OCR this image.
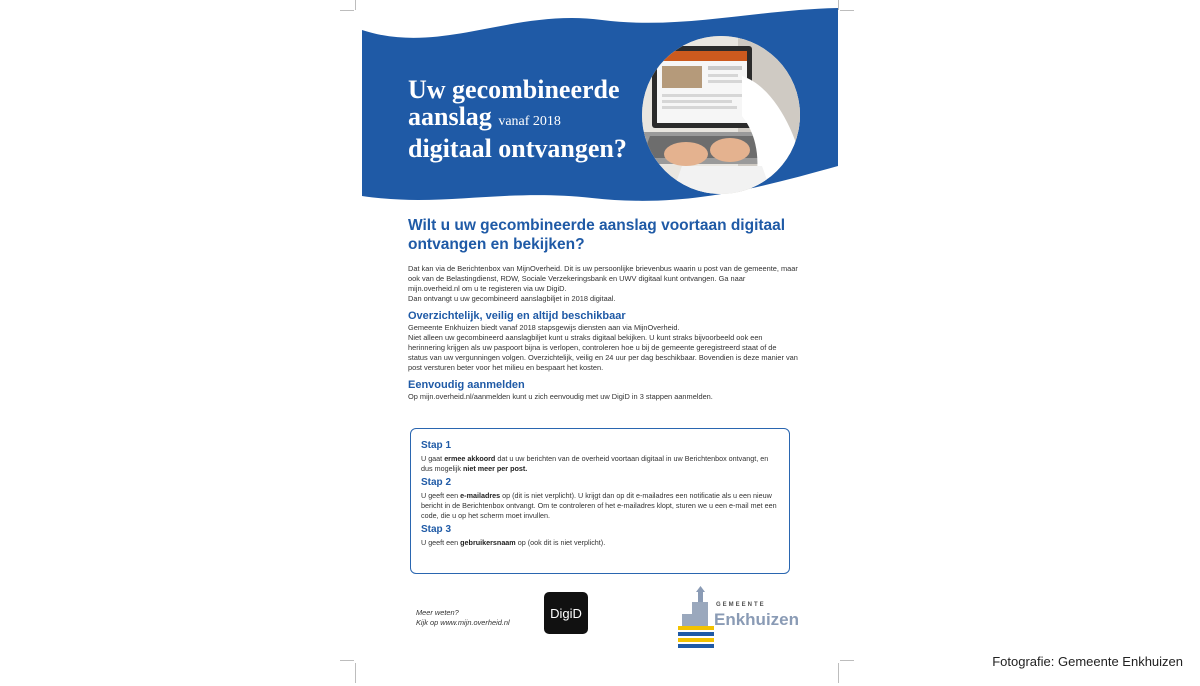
Uw gecombineerde
aanslag vanaf 2018
digitaal ontvangen?
Wilt u uw gecombineerde aanslag voortaan digitaal ontvangen en bekijken?
Dat kan via de Berichtenbox van MijnOverheid. Dit is uw persoonlijke brievenbus waarin u post van de gemeente, maar ook van de Belastingdienst, RDW, Sociale Verzekeringsbank en UWV digitaal kunt ontvangen. Ga naar mijn.overheid.nl om u te registeren via uw DigiD.
Dan ontvangt u uw gecombineerd aanslagbiljet in 2018 digitaal.
Overzichtelijk, veilig en altijd beschikbaar
Gemeente Enkhuizen biedt vanaf 2018 stapsgewijs diensten aan via MijnOverheid.
Niet alleen uw gecombineerd aanslagbiljet kunt u straks digitaal bekijken. U kunt straks bijvoorbeeld ook een herinnering krijgen als uw paspoort bijna is verlopen, controleren hoe u bij de gemeente geregistreerd staat of de status van uw vergunningen volgen. Overzichtelijk, veilig en 24 uur per dag beschikbaar. Bovendien is deze manier van post versturen beter voor het milieu en bespaart het kosten.
Eenvoudig aanmelden
Op mijn.overheid.nl/aanmelden kunt u zich eenvoudig met uw DigiD in 3 stappen aanmelden.
Stap 1
U gaat ermee akkoord dat u uw berichten van de overheid voortaan digitaal in uw Berichtenbox ontvangt, en dus mogelijk niet meer per post.
Stap 2
U geeft een e-mailadres op (dit is niet verplicht). U krijgt dan op dit e-mailadres een notificatie als u een nieuw bericht in de Berichtenbox ontvangt. Om te controleren of het e-mailadres klopt, sturen we u een e-mail met een code, die u op het scherm moet invullen.
Stap 3
U geeft een gebruikersnaam op (ook dit is niet verplicht).
Meer weten?
Kijk op www.mijn.overheid.nl
DigiD
GEMEENTE
Enkhuizen
Fotografie: Gemeente Enkhuizen
